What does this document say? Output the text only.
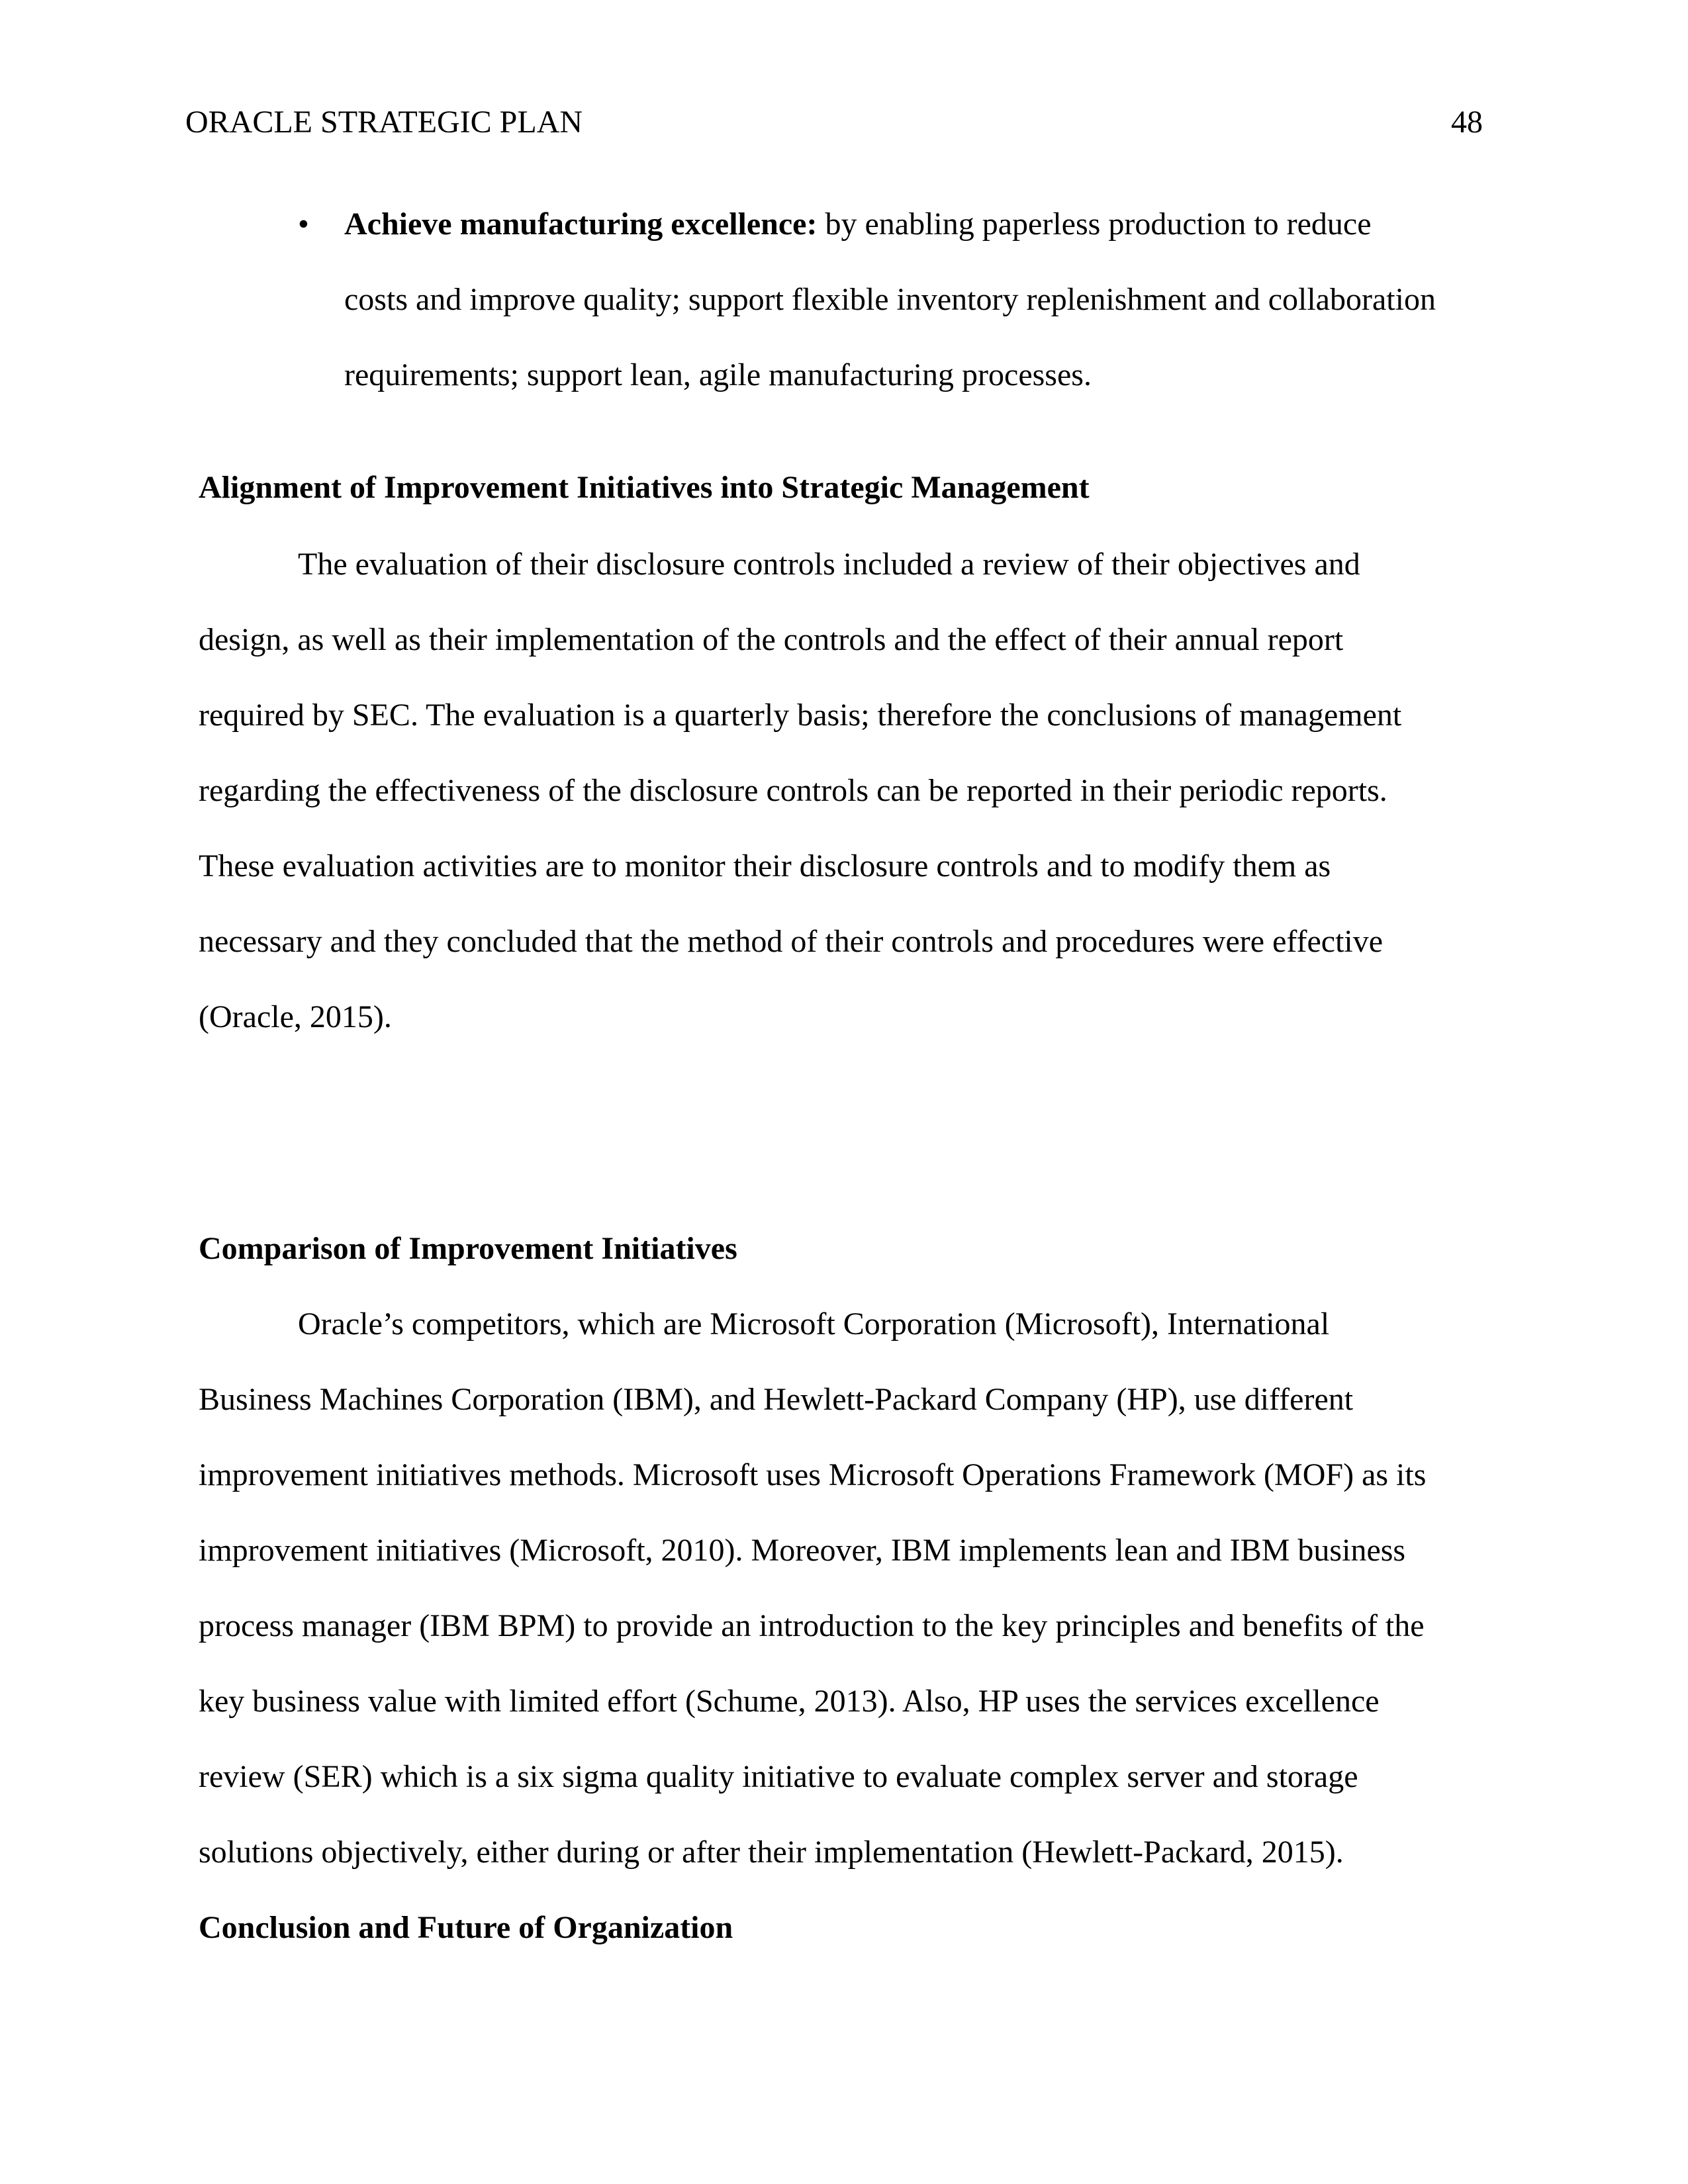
ORACLE STRATEGIC PLAN	48
• Achieve manufacturing excellence: by enabling paperless production to reduce
costs and improve quality; support flexible inventory replenishment and collaboration
requirements; support lean, agile manufacturing processes.
Alignment of Improvement Initiatives into Strategic Management
The evaluation of their disclosure controls included a review of their objectives and
design, as well as their implementation of the controls and the effect of their annual report
required by SEC. The evaluation is a quarterly basis; therefore the conclusions of management
regarding the effectiveness of the disclosure controls can be reported in their periodic reports.
These evaluation activities are to monitor their disclosure controls and to modify them as
necessary and they concluded that the method of their controls and procedures were effective
(Oracle, 2015).
Comparison of Improvement Initiatives
Oracle’s competitors, which are Microsoft Corporation (Microsoft), International
Business Machines Corporation (IBM), and Hewlett-Packard Company (HP), use different
improvement initiatives methods. Microsoft uses Microsoft Operations Framework (MOF) as its
improvement initiatives (Microsoft, 2010). Moreover, IBM implements lean and IBM business
process manager (IBM BPM) to provide an introduction to the key principles and benefits of the
key business value with limited effort (Schume, 2013). Also, HP uses the services excellence
review (SER) which is a six sigma quality initiative to evaluate complex server and storage
solutions objectively, either during or after their implementation (Hewlett-Packard, 2015).
Conclusion and Future of Organization
